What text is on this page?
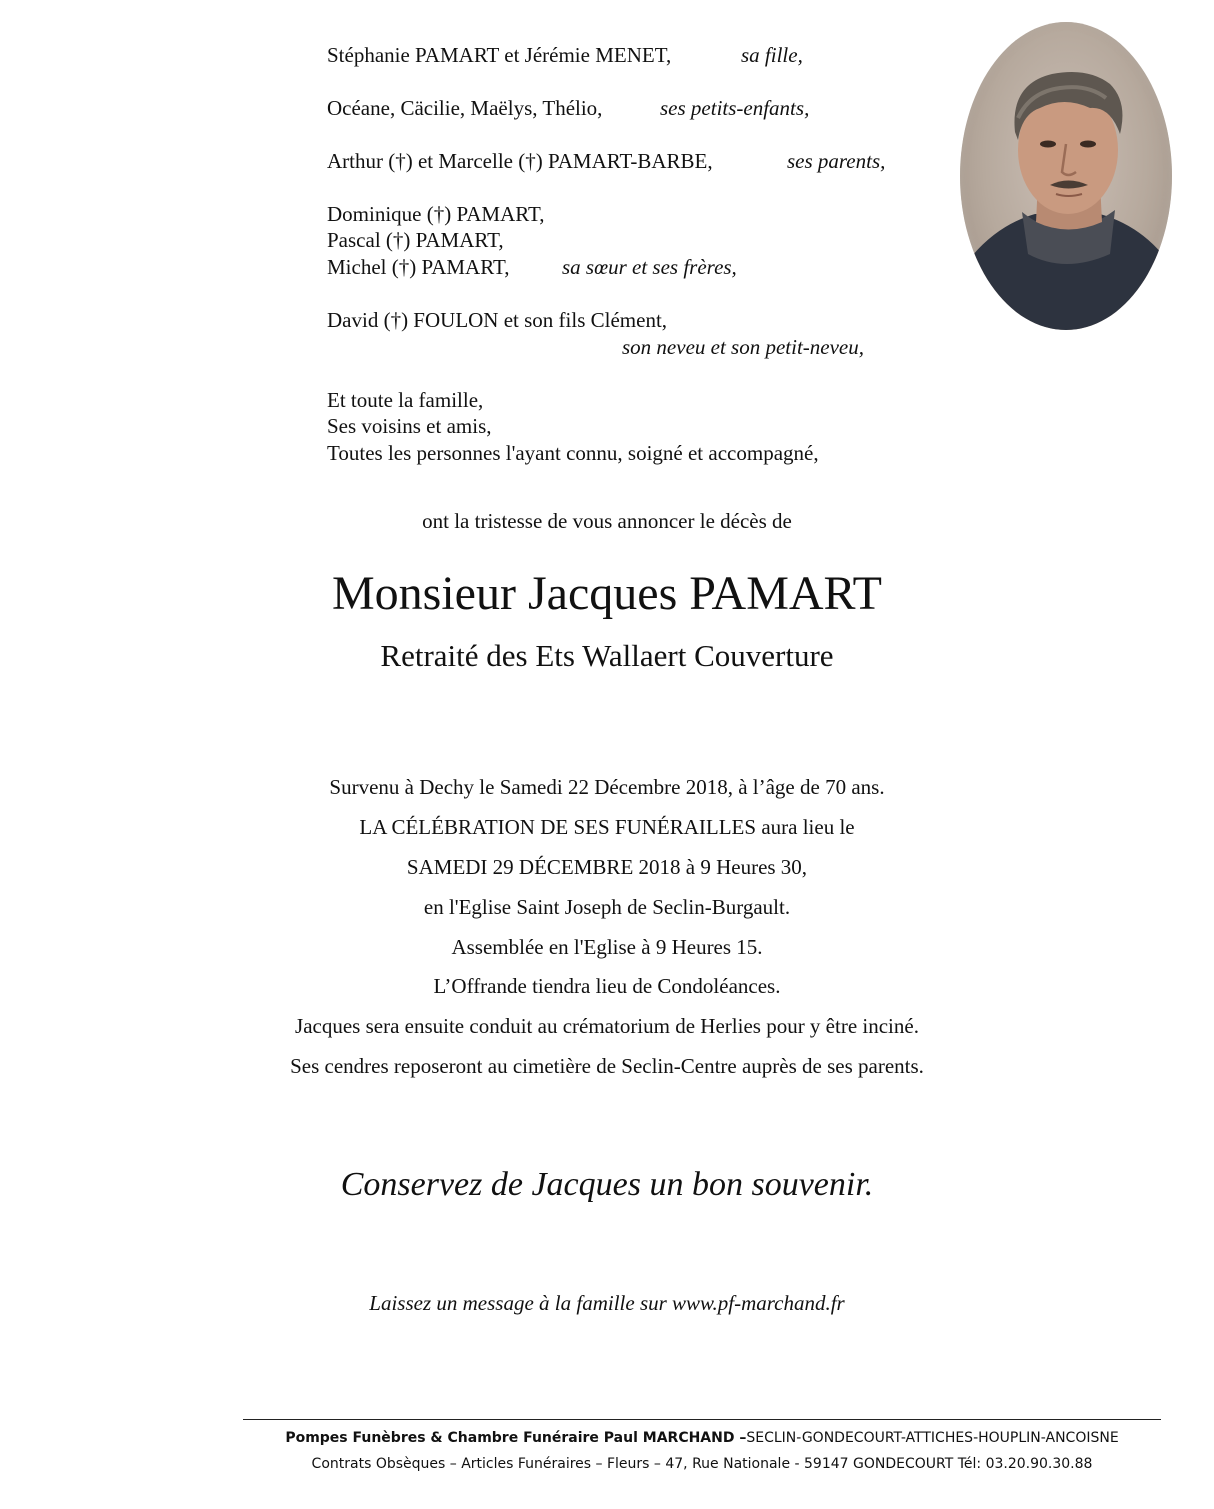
Stéphanie PAMART et Jérémie MENET,	sa fille,
Océane, Cäcilie, Maëlys, Thélio,	ses petits-enfants,
Arthur (†) et Marcelle (†) PAMART-BARBE,	ses parents,
Dominique (†) PAMART,
Pascal (†) PAMART,
Michel (†) PAMART,	sa sœur et ses frères,
David (†) FOULON et son fils Clément,
son neveu et son petit-neveu,
Et toute la famille,
Ses voisins et amis,
Toutes les personnes l'ayant connu, soigné et accompagné,
ont la tristesse de vous annoncer le décès de
Monsieur Jacques PAMART
Retraité des Ets Wallaert Couverture
Survenu à Dechy le Samedi 22 Décembre 2018, à l’âge de 70 ans.
LA CÉLÉBRATION DE SES FUNÉRAILLES aura lieu le
SAMEDI 29 DÉCEMBRE 2018 à 9 Heures 30,
en l'Eglise Saint Joseph de Seclin-Burgault.
Assemblée en l'Eglise à 9 Heures 15.
L’Offrande tiendra lieu de Condoléances.
Jacques sera ensuite conduit au crématorium de Herlies pour y être inciné.
Ses cendres reposeront au cimetière de Seclin-Centre auprès de ses parents.
Conservez de Jacques un bon souvenir.
Laissez un message à la famille sur www.pf-marchand.fr
Pompes Funèbres & Chambre Funéraire Paul MARCHAND –SECLIN-GONDECOURT-ATTICHES-HOUPLIN-ANCOISNE
Contrats Obsèques – Articles Funéraires – Fleurs – 47, Rue Nationale - 59147 GONDECOURT Tél: 03.20.90.30.88
